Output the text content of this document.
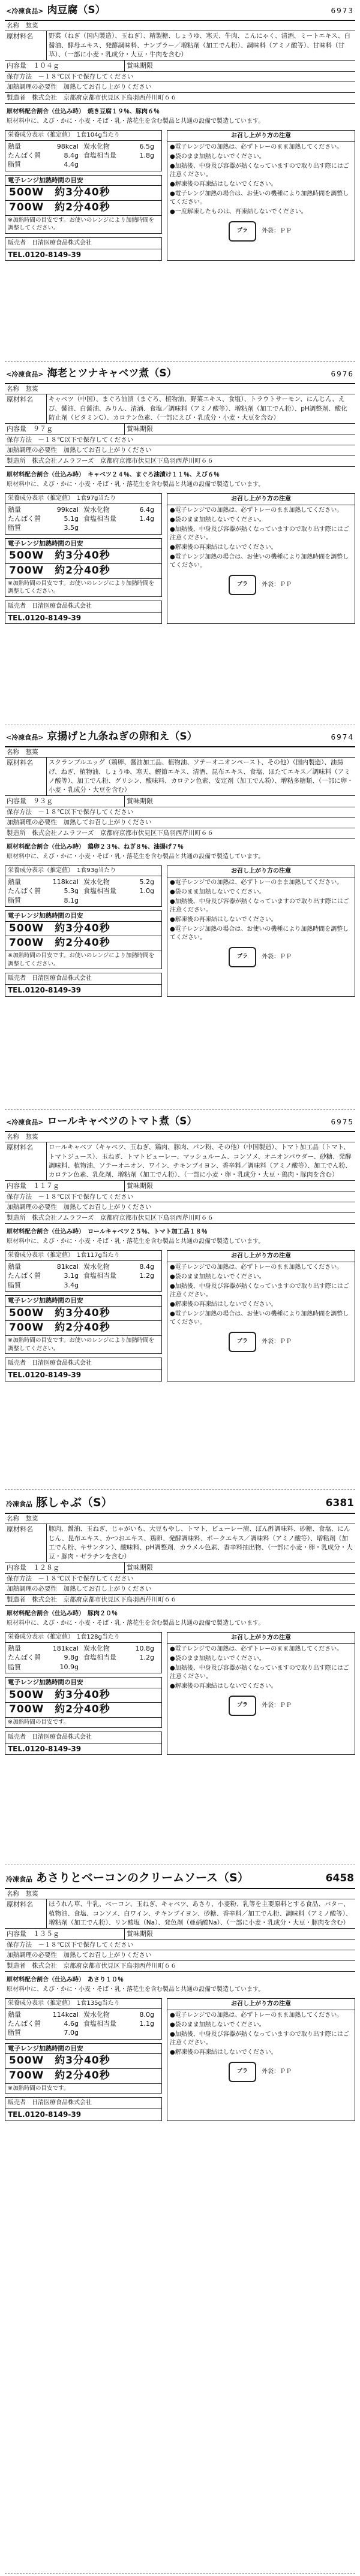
<冷凍食品> 肉豆腐（S）	6973
名称　惣菜
原材料名	野菜（ねぎ（国内製造）、玉ねぎ）、精製糖、しょうゆ、寒天、牛肉、こんにゃく、清酒、ミートエキス、白醤油、酵母エキス、発酵調味料、ナンプラー／増粘剤（加工でん粉）、調味料（アミノ酸等）、甘味料（甘草）、（一部に小麦・乳成分・大豆・牛肉を含む）
内容量　１０４ｇ	賞味期限
保存方法　－１８℃以下で保存してください
加熱調理の必要性　加熱してお召し上がりください
製造者　株式会社　京都府京都市伏見区下鳥羽西芹川町６６
原材料配合割合（仕込み時）　焼き豆腐１９％、豚肉６％
原材料中に、えび・かに・小麦・そば・乳・落花生を含む製品と共通の設備で製造しています。
栄養成分表示（推定値）　1食104g当たり
熱量	98kcal 炭水化物	6.5g
たんぱく質	8.4g 食塩相当量	1.8g
脂質	4.4g
電子レンジ加熱時間の目安
500W　約3分40秒
700W　約2分40秒
※加熱時間の目安です。お使いのレンジにより加熱時間を調整してください。
販売者　日清医療食品株式会社
TEL.0120-8149-39
お召し上がり方の注意
●電子レンジでの加熱は、必ずトレーのまま加熱してください。
●袋のまま加熱しないでください。
●加熱後、中身及び容器が熱くなっていますので取り出す際にはご注意ください。
●解凍後の再凍結はしないでください。
●電子レンジ加熱の場合は、お使いの機種により加熱時間を調整してください。
●一度解凍したものは、再凍結しないでください。
プラ	外袋：ＰＰ
<冷凍食品> 海老とツナキャベツ煮（S）	6976
名称　惣菜
原材料名	キャベツ（中国）、まぐろ油漬（まぐろ、植物油、野菜エキス、食塩）、トラウトサーモン、にんじん、えび、醤油、白醤油、みりん、清酒、食塩／調味料（アミノ酸等）、増粘剤（加工でん粉）、pH調整剤、酸化防止剤（ビタミンC）、カロテン色素、（一部にえび・乳成分・小麦・大豆を含む）
内容量　９７ｇ	賞味期限
保存方法　－１８℃以下で保存してください
加熱調理の必要性　加熱してお召し上がりください
製造所　株式会社ノムラフーズ　京都府京都市伏見区下鳥羽西芹川町６６
原材料配合割合（仕込み時）　キャベツ２４％、まぐろ油漬け１１％、えび６％
原材料中に、えび・かに・小麦・そば・乳・落花生を含む製品と共通の設備で製造しています。
栄養成分表示（推定値）　1食97g当たり
熱量	99kcal 炭水化物	6.4g
たんぱく質	5.1g 食塩相当量	1.4g
脂質	3.5g
電子レンジ加熱時間の目安
500W　約3分40秒
700W　約2分40秒
※加熱時間の目安です。お使いのレンジにより加熱時間を調整してください。
販売者　日清医療食品株式会社
TEL.0120-8149-39
お召し上がり方の注意
●電子レンジでの加熱は、必ずトレーのまま加熱してください。
●袋のまま加熱しないでください。
●加熱後、中身及び容器が熱くなっていますので取り出す際にはご注意ください。
●解凍後の再凍結はしないでください。
●電子レンジ加熱の場合は、お使いの機種により加熱時間を調整してください。
プラ	外袋：ＰＰ
<冷凍食品> 京揚げと九条ねぎの卵和え（S）	6974
名称　惣菜
原材料名	スクランブルエッグ（鶏卵、醤油加工品、植物油、ソテーオニオンペースト、その他）（国内製造）、油揚げ、ねぎ、植物油、しょうゆ、寒天、鰹節エキス、清酒、昆布エキス、食塩、ほたてエキス／調味料（アミノ酸等）、加工でん粉、グリシン、酸味料、カロテン色素、安定剤（加工でん粉）、増粘多糖類、（一部に卵・小麦・乳成分・大豆を含む）
内容量　９３ｇ	賞味期限
保存方法　－１８℃以下で保存してください
加熱調理の必要性　加熱してお召し上がりください
製造所　株式会社ノムラフーズ　京都府京都市伏見区下鳥羽西芹川町６６
原材料配合割合（仕込み時）　鶏卵２３％、ねぎ８％、油揚げ７％
原材料中に、えび・かに・小麦・そば・乳・落花生を含む製品と共通の設備で製造しています。
栄養成分表示（推定値）　1食93g当たり
熱量	118kcal 炭水化物	5.2g
たんぱく質	5.3g 食塩相当量	1.0g
脂質	8.1g
電子レンジ加熱時間の目安
500W　約3分40秒
700W　約2分40秒
※加熱時間の目安です。お使いのレンジにより加熱時間を調整してください。
販売者　日清医療食品株式会社
TEL.0120-8149-39
お召し上がり方の注意
●電子レンジでの加熱は、必ずトレーのまま加熱してください。
●袋のまま加熱しないでください。
●加熱後、中身及び容器が熱くなっていますので取り出す際にはご注意ください。
●解凍後の再凍結はしないでください。
●電子レンジ加熱の場合は、お使いの機種により加熱時間を調整してください。
プラ	外袋：ＰＰ
<冷凍食品> ロールキャベツのトマト煮（S）	6975
名称　惣菜
原材料名	ロールキャベツ（キャベツ、玉ねぎ、鶏肉、豚肉、パン粉、その他）（中国製造）、トマト加工品（トマト、トマトジュース）、玉ねぎ、トマトピューレー、マッシュルーム、コンソメ、オニオンパウダー、砂糖、発酵調味料、植物油、ソテーオニオン、ワイン、チキンブイヨン、香辛料／調味料（アミノ酸等）、加工でん粉、カロテン色素、乳化剤、増粘剤（加工でん粉）、（一部に小麦・卵・乳成分・大豆・鶏肉・豚肉を含む）
内容量　１１７ｇ	賞味期限
保存方法　－１８℃以下で保存してください
加熱調理の必要性　加熱してお召し上がりください
製造所　株式会社ノムラフーズ　京都府京都市伏見区下鳥羽西芹川町６６
原材料配合割合（仕込み時）　ロールキャベツ２５％、トマト加工品１８％
原材料中に、えび・かに・小麦・そば・乳・落花生を含む製品と共通の設備で製造しています。
栄養成分表示（推定値）　1食117g当たり
熱量	81kcal 炭水化物	8.4g
たんぱく質	3.1g 食塩相当量	1.2g
脂質	3.4g
電子レンジ加熱時間の目安
500W　約3分40秒
700W　約2分40秒
※加熱時間の目安です。お使いのレンジにより加熱時間を調整してください。
販売者　日清医療食品株式会社
TEL.0120-8149-39
お召し上がり方の注意
●電子レンジでの加熱は、必ずトレーのまま加熱してください。
●袋のまま加熱しないでください。
●加熱後、中身及び容器が熱くなっていますので取り出す際にはご注意ください。
●解凍後の再凍結はしないでください。
●電子レンジ加熱の場合は、お使いの機種により加熱時間を調整してください。
プラ	外袋：ＰＰ
冷凍食品 豚しゃぶ（S）	6381
名称　惣菜
原材料名	豚肉、醤油、玉ねぎ、じゃがいも、大豆もやし、トマト、ピューレー漬、ぽん酢調味料、砂糖、食塩、にんじん、昆布エキス、かつおエキス、鶏卵、発酵調味料、ポークエキス／調味料（アミノ酸等）、増粘剤（加工でん粉、キサンタン）、酸味料、pH調整剤、カラメル色素、香辛料抽出物、（一部に小麦・卵・乳成分・大豆・豚肉・ゼラチンを含む）
内容量　１２８ｇ	賞味期限
保存方法　－１８℃以下で保存してください
加熱調理の必要性　加熱してお召し上がりください
製造者　株式会社　京都府京都市伏見区下鳥羽西芹川町６６
原材料配合割合（仕込み時）　豚肉２０％
原材料中に、えび・かに・小麦・そば・乳・落花生を含む製品と共通の設備で製造しています。
栄養成分表示（推定値）　1食128g当たり
熱量	181kcal 炭水化物	10.8g
たんぱく質	9.8g 食塩相当量	1.2g
脂質	10.9g
電子レンジ加熱時間の目安
500W　約3分40秒
700W　約2分40秒
※加熱時間の目安です。
販売者　日清医療食品株式会社
TEL.0120-8149-39
お召し上がり方の注意
●電子レンジでの加熱は、必ずトレーのまま加熱してください。
●袋のまま加熱しないでください。
●加熱後、中身及び容器が熱くなっていますので取り出す際にはご注意ください。
●解凍後の再凍結はしないでください。
プラ	外袋：ＰＰ
冷凍食品 あさりとベーコンのクリームソース（S）	6458
名称　惣菜
原材料名	ほうれん草、牛乳、ベーコン、玉ねぎ、キャベツ、あさり、小麦粉、乳等を主要原料とする食品、バター、植物油、食塩、コンソメ、白ワイン、チキンブイヨン、砂糖、香辛料／加工でん粉、調味料（アミノ酸等）、増粘剤（加工でん粉）、リン酸塩（Na）、発色剤（亜硝酸Na）、（一部に小麦・乳成分・大豆・豚肉を含む）
内容量　１３５ｇ	賞味期限
保存方法　－１８℃以下で保存してください
加熱調理の必要性　加熱してお召し上がりください
製造者　株式会社　京都府京都市伏見区下鳥羽西芹川町６６
原材料配合割合（仕込み時）　あさり１０％
原材料中に、えび・かに・小麦・そば・乳・落花生を含む製品と共通の設備で製造しています。
栄養成分表示（推定値）　1食135g当たり
熱量	114kcal 炭水化物	8.0g
たんぱく質	4.6g 食塩相当量	1.1g
脂質	7.0g
電子レンジ加熱時間の目安
500W　約3分40秒
700W　約2分40秒
※加熱時間の目安です。
販売者　日清医療食品株式会社
TEL.0120-8149-39
お召し上がり方の注意
●電子レンジでの加熱は、必ずトレーのまま加熱してください。
●袋のまま加熱しないでください。
●加熱後、中身及び容器が熱くなっていますので取り出す際にはご注意ください。
●解凍後の再凍結はしないでください。
プラ	外袋：ＰＰ
